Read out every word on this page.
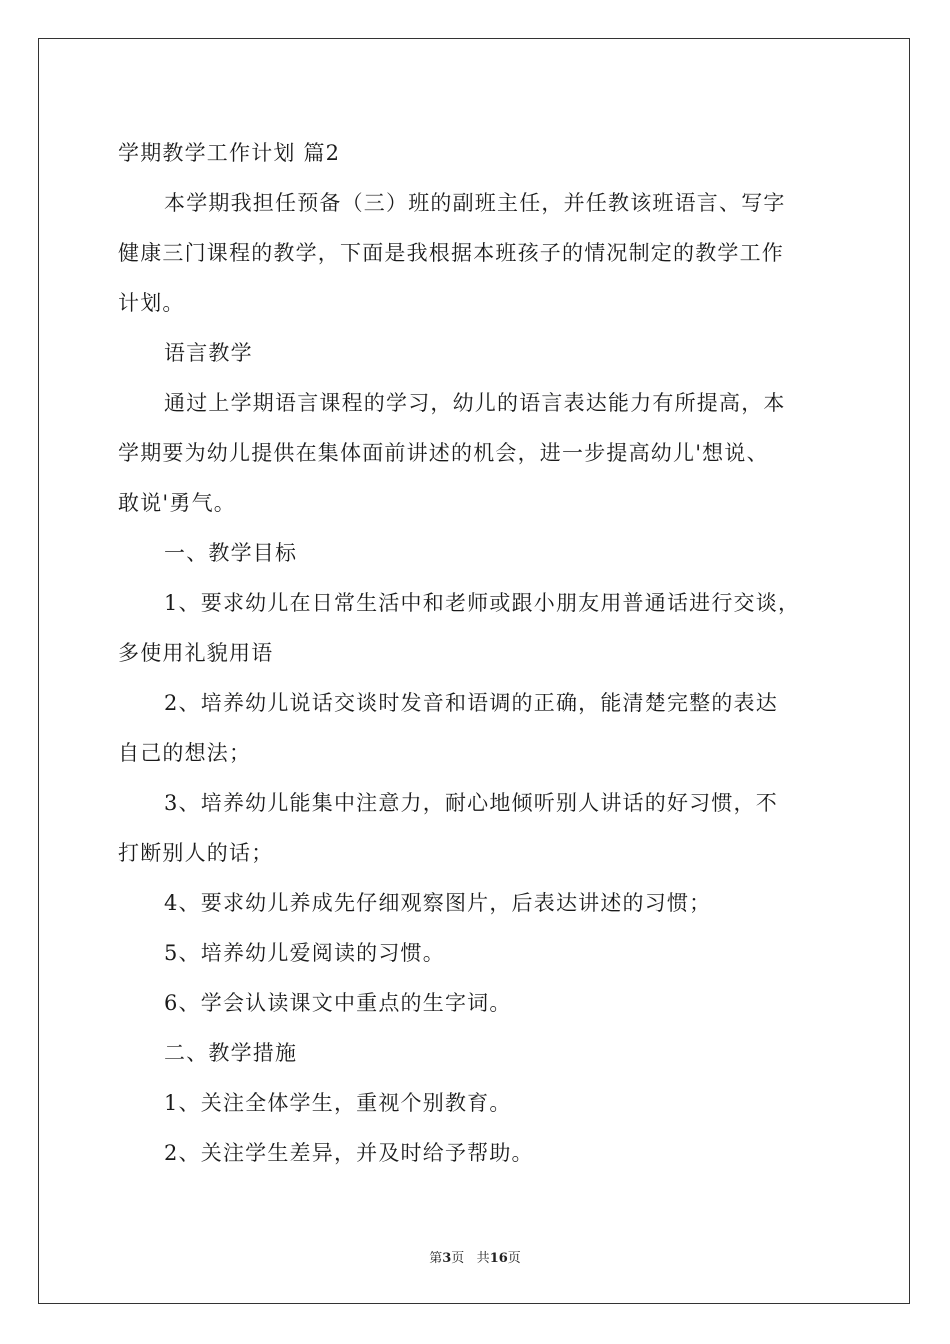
学期教学工作计划 篇2
本学期我担任预备（三）班的副班主任，并任教该班语言、写字
健康三门课程的教学，下面是我根据本班孩子的情况制定的教学工作
计划。
语言教学
通过上学期语言课程的学习，幼儿的语言表达能力有所提高，本
学期要为幼儿提供在集体面前讲述的机会，进一步提高幼儿'想说、
敢说'勇气。
一、教学目标
1、要求幼儿在日常生活中和老师或跟小朋友用普通话进行交谈，
多使用礼貌用语
2、培养幼儿说话交谈时发音和语调的正确，能清楚完整的表达
自己的想法；
3、培养幼儿能集中注意力，耐心地倾听别人讲话的好习惯，不
打断别人的话；
4、要求幼儿养成先仔细观察图片，后表达讲述的习惯；
5、培养幼儿爱阅读的习惯。
6、学会认读课文中重点的生字词。
二、教学措施
1、关注全体学生，重视个别教育。
2、关注学生差异，并及时给予帮助。
第3页 共16页
